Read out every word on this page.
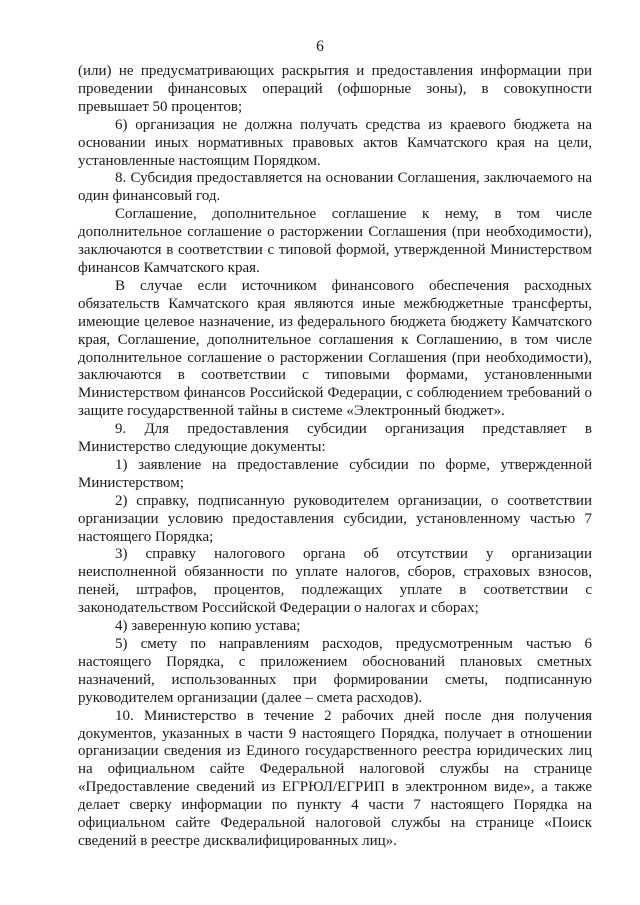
6

(или) не предусматривающих раскрытия и предоставления информации при проведении финансовых операций (офшорные зоны), в совокупности превышает 50 процентов;

6) организация не должна получать средства из краевого бюджета на основании иных нормативных правовых актов Камчатского края на цели, установленные настоящим Порядком.

8. Субсидия предоставляется на основании Соглашения, заключаемого на один финансовый год.

Соглашение, дополнительное соглашение к нему, в том числе дополнительное соглашение о расторжении Соглашения (при необходимости), заключаются в соответствии с типовой формой, утвержденной Министерством финансов Камчатского края.

В случае если источником финансового обеспечения расходных обязательств Камчатского края являются иные межбюджетные трансферты, имеющие целевое назначение, из федерального бюджета бюджету Камчатского края, Соглашение, дополнительное соглашения к Соглашению, в том числе дополнительное соглашение о расторжении Соглашения (при необходимости), заключаются в соответствии с типовыми формами, установленными Министерством финансов Российской Федерации, с соблюдением требований о защите государственной тайны в системе «Электронный бюджет».

9. Для предоставления субсидии организация представляет в Министерство следующие документы:

1) заявление на предоставление субсидии по форме, утвержденной Министерством;

2) справку, подписанную руководителем организации, о соответствии организации условию предоставления субсидии, установленному частью 7 настоящего Порядка;

3) справку налогового органа об отсутствии у организации неисполненной обязанности по уплате налогов, сборов, страховых взносов, пеней, штрафов, процентов, подлежащих уплате в соответствии с законодательством Российской Федерации о налогах и сборах;

4) заверенную копию устава;

5) смету по направлениям расходов, предусмотренным частью 6 настоящего Порядка, с приложением обоснований плановых сметных назначений, использованных при формировании сметы, подписанную руководителем организации (далее – смета расходов).

10. Министерство в течение 2 рабочих дней после дня получения документов, указанных в части 9 настоящего Порядка, получает в отношении организации сведения из Единого государственного реестра юридических лиц на официальном сайте Федеральной налоговой службы на странице «Предоставление сведений из ЕГРЮЛ/ЕГРИП в электронном виде», а также делает сверку информации по пункту 4 части 7 настоящего Порядка на официальном сайте Федеральной налоговой службы на странице «Поиск сведений в реестре дисквалифицированных лиц».
